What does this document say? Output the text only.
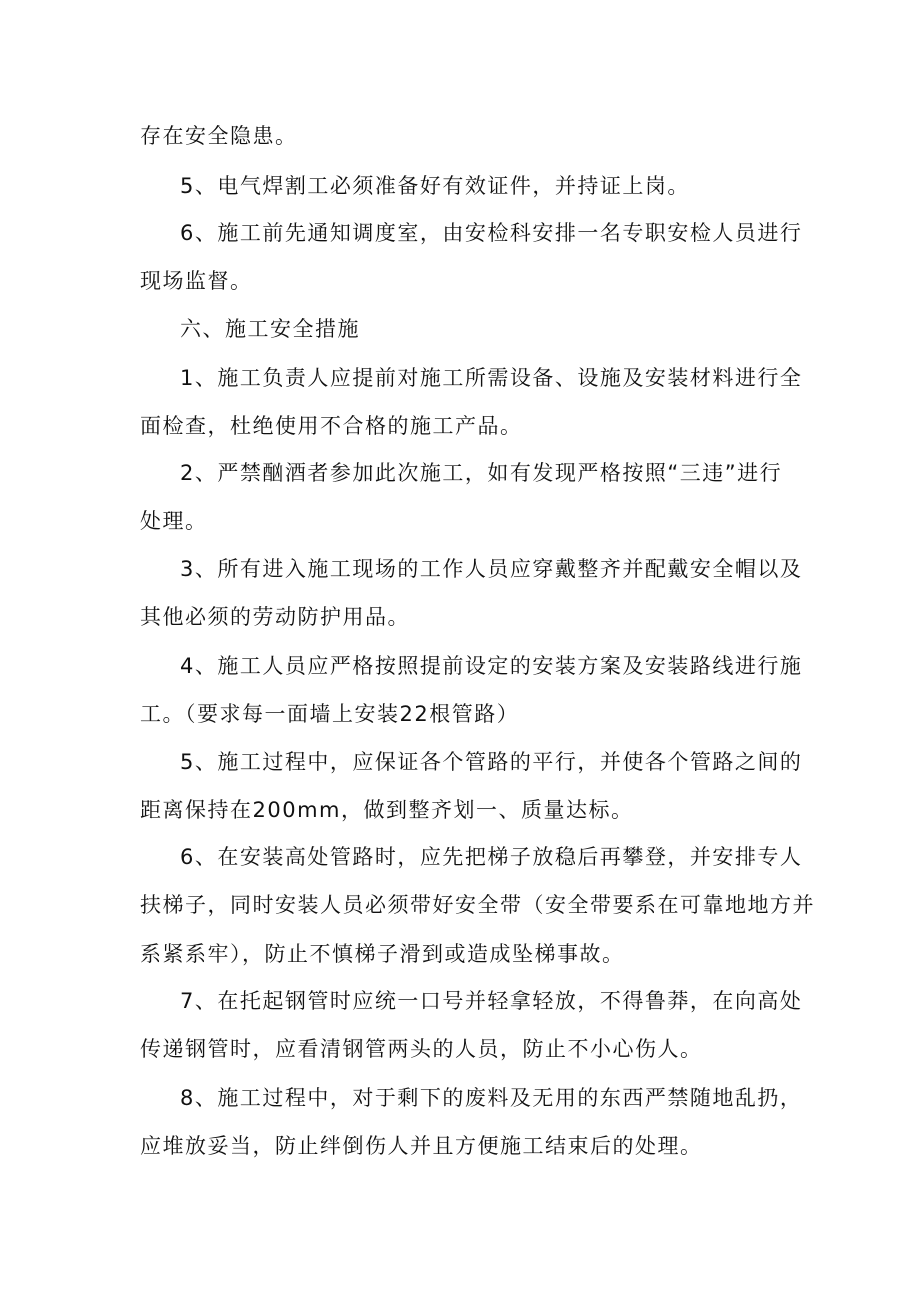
存在安全隐患。
5、电气焊割工必须准备好有效证件，并持证上岗。
6、施工前先通知调度室，由安检科安排一名专职安检人员进行
现场监督。
六、施工安全措施
1、施工负责人应提前对施工所需设备、设施及安装材料进行全
面检查，杜绝使用不合格的施工产品。
2、严禁酗酒者参加此次施工，如有发现严格按照“三违”进行
处理。
3、所有进入施工现场的工作人员应穿戴整齐并配戴安全帽以及
其他必须的劳动防护用品。
4、施工人员应严格按照提前设定的安装方案及安装路线进行施
工。（要求每一面墙上安装22根管路）
5、施工过程中，应保证各个管路的平行，并使各个管路之间的
距离保持在200mm，做到整齐划一、质量达标。
6、在安装高处管路时，应先把梯子放稳后再攀登，并安排专人
扶梯子，同时安装人员必须带好安全带（安全带要系在可靠地地方并
系紧系牢），防止不慎梯子滑到或造成坠梯事故。
7、在托起钢管时应统一口号并轻拿轻放，不得鲁莽，在向高处
传递钢管时，应看清钢管两头的人员，防止不小心伤人。
8、施工过程中，对于剩下的废料及无用的东西严禁随地乱扔，
应堆放妥当，防止绊倒伤人并且方便施工结束后的处理。
